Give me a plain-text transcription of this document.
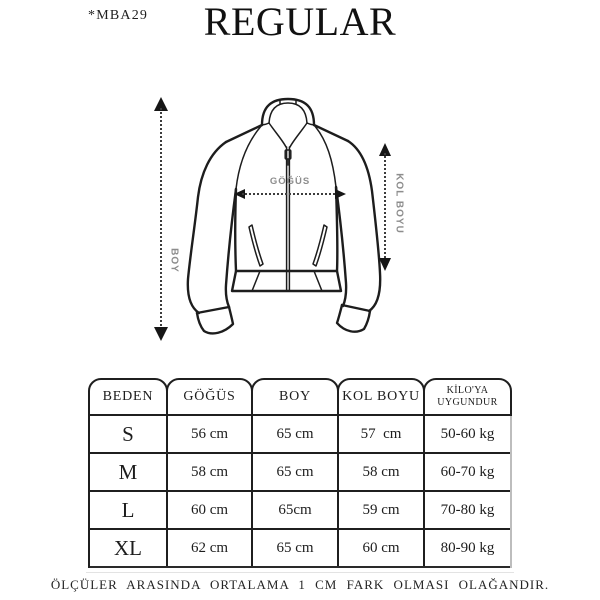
*MBA29	REGULAR
BOY
KOL BOYU
GÖĞÜS
BEDEN	GÖĞÜS	BOY	KOL BOYU	KİLO'YA UYGUNDUR
S	56 cm	65 cm	57  cm	50-60 kg
M	58 cm	65 cm	58 cm	60-70 kg
L	60 cm	65cm	59 cm	70-80 kg
XL	62 cm	65 cm	60 cm	80-90 kg
ÖLÇÜLER ARASINDA ORTALAMA 1 CM FARK OLMASI OLAĞANDIR.
